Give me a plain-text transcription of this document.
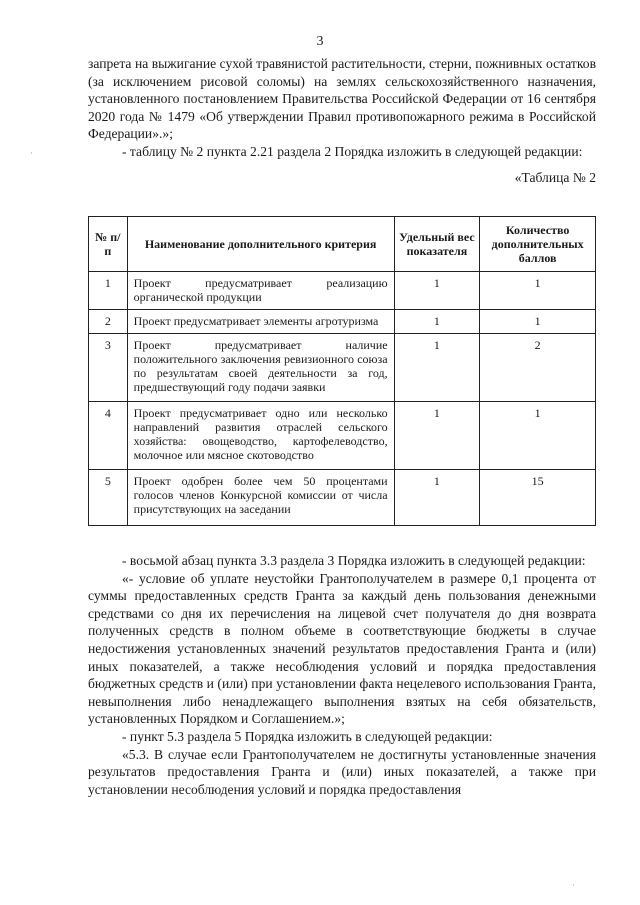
3

запрета на выжигание сухой травянистой растительности, стерни, пожнивных остатков (за исключением рисовой соломы) на землях сельскохозяйственного назначения, установленного постановлением Правительства Российской Федерации от 16 сентября 2020 года № 1479 «Об утверждении Правил противопожарного режима в Российской Федерации».»;

- таблицу № 2 пункта 2.21 раздела 2 Порядка изложить в следующей редакции:

«Таблица № 2

№ п/п	Наименование дополнительного критерия	Удельный вес показателя	Количество дополнительных баллов
1	Проект предусматривает реализацию органической продукции	1	1
2	Проект предусматривает элементы агротуризма	1	1
3	Проект предусматривает наличие положительного заключения ревизионного союза по результатам своей деятельности за год, предшествующий году подачи заявки	1	2
4	Проект предусматривает одно или несколько направлений развития отраслей сельского хозяйства: овощеводство, картофелеводство, молочное или мясное скотоводство	1	1
5	Проект одобрен более чем 50 процентами голосов членов Конкурсной комиссии от числа присутствующих на заседании	1	15

- восьмой абзац пункта 3.3 раздела 3 Порядка изложить в следующей редакции:

«- условие об уплате неустойки Грантополучателем в размере 0,1 процента от суммы предоставленных средств Гранта за каждый день пользования денежными средствами со дня их перечисления на лицевой счет получателя до дня возврата полученных средств в полном объеме в соответствующие бюджеты в случае недостижения установленных значений результатов предоставления Гранта и (или) иных показателей, а также несоблюдения условий и порядка предоставления бюджетных средств и (или) при установлении факта нецелевого использования Гранта, невыполнения либо ненадлежащего выполнения взятых на себя обязательств, установленных Порядком и Соглашением.»;

- пункт 5.3 раздела 5 Порядка изложить в следующей редакции:

«5.3. В случае если Грантополучателем не достигнуты установленные значения результатов предоставления Гранта и (или) иных показателей, а также при установлении несоблюдения условий и порядка предоставления

·
·
